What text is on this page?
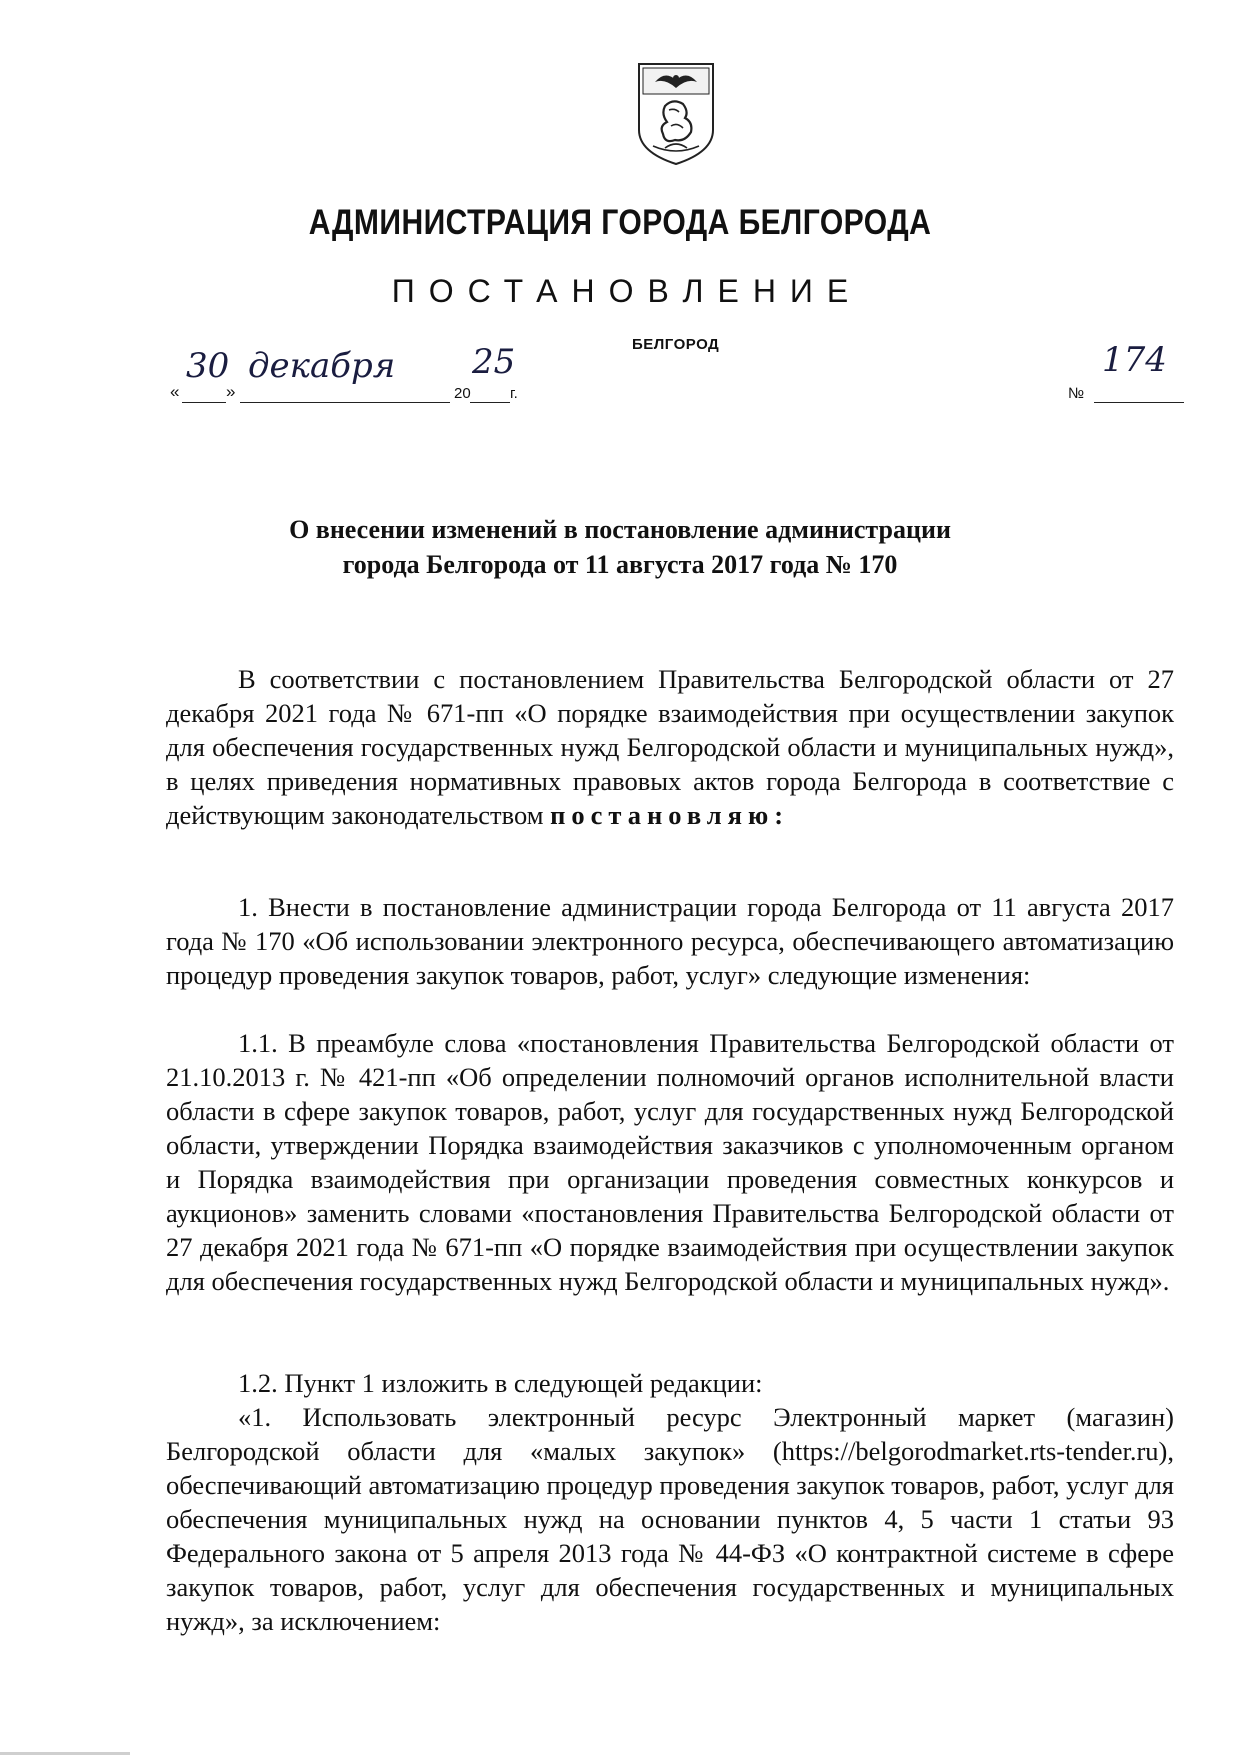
АДМИНИСТРАЦИЯ ГОРОДА БЕЛГОРОДА
ПОСТАНОВЛЕНИЕ
БЕЛГОРОД
«
30
»
декабря
20
25
г.	№
174
О внесении изменений в постановление администрации
города Белгорода от 11 августа 2017 года № 170

В соответствии с постановлением Правительства Белгородской области от 27 декабря 2021 года № 671-пп «О порядке взаимодействия при осуществлении закупок для обеспечения государственных нужд Белгородской области и муниципальных нужд», в целях приведения нормативных правовых актов города Белгорода в соответствие с действующим законодательством постановляю:

1. Внести в постановление администрации города Белгорода от 11 августа 2017 года № 170 «Об использовании электронного ресурса, обеспечивающего автоматизацию процедур проведения закупок товаров, работ, услуг» следующие изменения:

1.1. В преамбуле слова «постановления Правительства Белгородской области от 21.10.2013 г. № 421-пп «Об определении полномочий органов исполнительной власти области в сфере закупок товаров, работ, услуг для государственных нужд Белгородской области, утверждении Порядка взаимодействия заказчиков с уполномоченным органом и Порядка взаимодействия при организации проведения совместных конкурсов и аукционов» заменить словами «постановления Правительства Белгородской области от 27 декабря 2021 года № 671-пп «О порядке взаимодействия при осуществлении закупок для обеспечения государственных нужд Белгородской области и муниципальных нужд».

1.2. Пункт 1 изложить в следующей редакции:

«1. Использовать электронный ресурс Электронный маркет (магазин) Белгородской области для «малых закупок» (https://belgorodmarket.rts-tender.ru), обеспечивающий автоматизацию процедур проведения закупок товаров, работ, услуг для обеспечения муниципальных нужд на основании пунктов 4, 5 части 1 статьи 93 Федерального закона от 5 апреля 2013 года № 44-ФЗ «О контрактной системе в сфере закупок товаров, работ, услуг для обеспечения государственных и муниципальных нужд», за исключением:
